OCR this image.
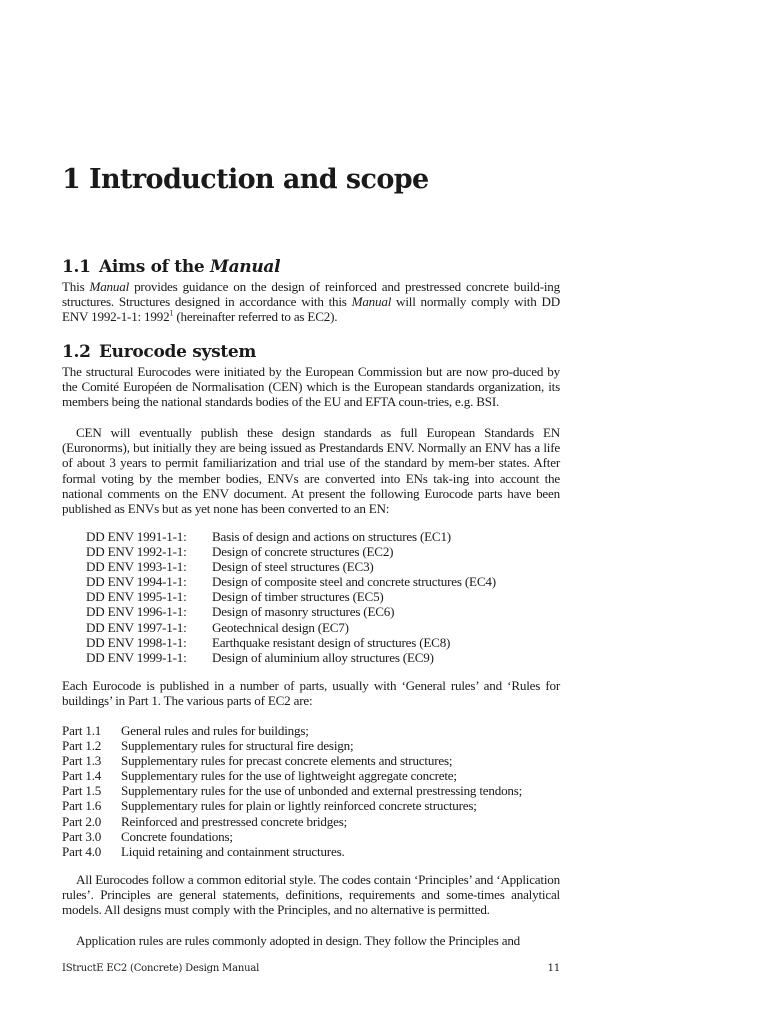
1 Introduction and scope
1.1 Aims of the Manual

This Manual provides guidance on the design of reinforced and prestressed concrete build-ing structures. Structures designed in accordance with this Manual will normally comply with DD ENV 1992-1-1: 1992$^1$ (hereinafter referred to as EC2).

1.2 Eurocode system

The structural Eurocodes were initiated by the European Commission but are now pro-duced by the Comité Européen de Normalisation (CEN) which is the European standards organization, its members being the national standards bodies of the EU and EFTA coun-tries, e.g. BSI.

CEN will eventually publish these design standards as full European Standards EN (Euronorms), but initially they are being issued as Prestandards ENV. Normally an ENV has a life of about 3 years to permit familiarization and trial use of the standard by mem-ber states. After formal voting by the member bodies, ENVs are converted into ENs tak-ing into account the national comments on the ENV document. At present the following Eurocode parts have been published as ENVs but as yet none has been converted to an EN:

DD ENV 1991-1-1:	Basis of design and actions on structures (EC1)
DD ENV 1992-1-1:	Design of concrete structures (EC2)
DD ENV 1993-1-1:	Design of steel structures (EC3)
DD ENV 1994-1-1:	Design of composite steel and concrete structures (EC4)
DD ENV 1995-1-1:	Design of timber structures (EC5)
DD ENV 1996-1-1:	Design of masonry structures (EC6)
DD ENV 1997-1-1:	Geotechnical design (EC7)
DD ENV 1998-1-1:	Earthquake resistant design of structures (EC8)
DD ENV 1999-1-1:	Design of aluminium alloy structures (EC9)

Each Eurocode is published in a number of parts, usually with ‘General rules’ and ‘Rules for buildings’ in Part 1. The various parts of EC2 are:

Part 1.1	General rules and rules for buildings;
Part 1.2	Supplementary rules for structural fire design;
Part 1.3	Supplementary rules for precast concrete elements and structures;
Part 1.4	Supplementary rules for the use of lightweight aggregate concrete;
Part 1.5	Supplementary rules for the use of unbonded and external prestressing tendons;
Part 1.6	Supplementary rules for plain or lightly reinforced concrete structures;
Part 2.0	Reinforced and prestressed concrete bridges;
Part 3.0	Concrete foundations;
Part 4.0	Liquid retaining and containment structures.

All Eurocodes follow a common editorial style. The codes contain ‘Principles’ and ‘Application rules’. Principles are general statements, definitions, requirements and some-times analytical models. All designs must comply with the Principles, and no alternative is permitted.

Application rules are rules commonly adopted in design. They follow the Principles and

IStructE EC2 (Concrete) Design Manual	11
